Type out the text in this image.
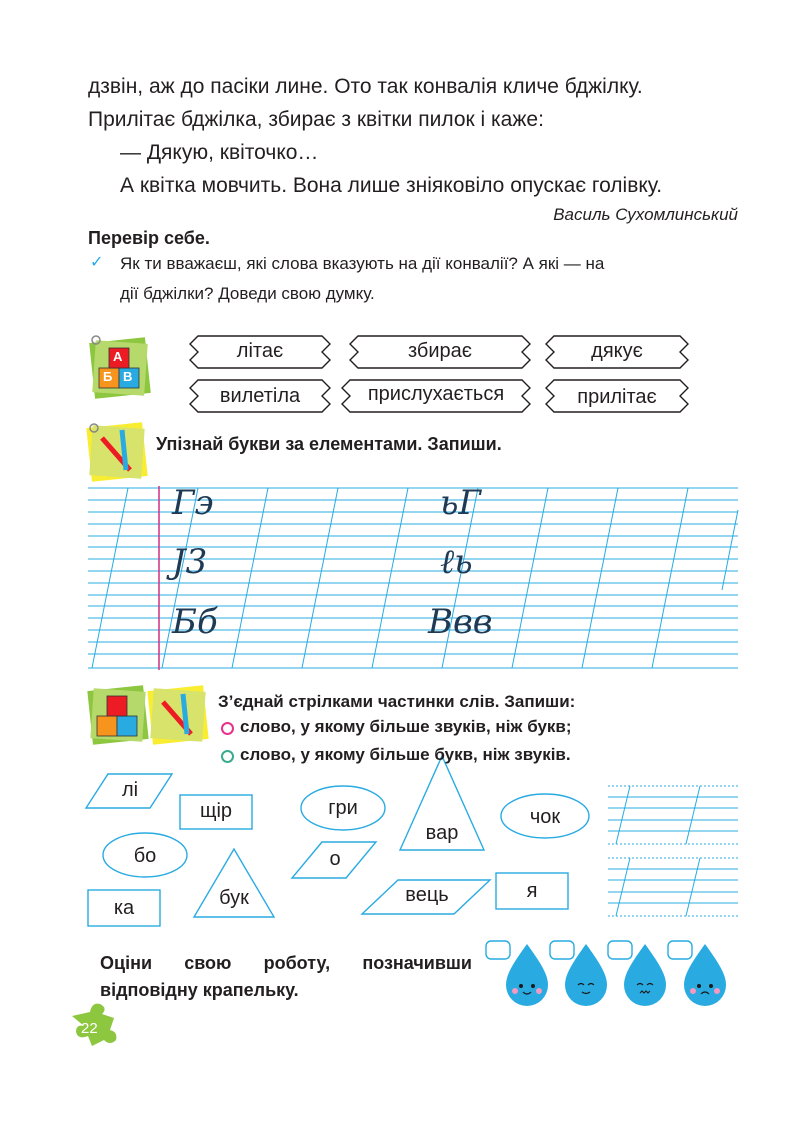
дзвін, аж до пасіки лине. Ото так конвалія кличе бджілку.
Прилітає бджілка, збирає з квітки пилок і каже:
— Дякую, квіточко…
А квітка мовчить. Вона лише зніяковіло опускає голівку.
Василь Сухомлинський
Перевір себе.
✓ Як ти вважаєш, які слова вказують на дії конвалії? А які — на
дії бджілки? Доведи свою думку.
Б В
А	літає	збирає	дякує
вилетіла	прислухається	прилітає
Упізнай букви за елементами. Запиши.
Гэ	ьГ
Ј3	ℓь
Бб	Ввв
З’єднай стрілками частинки слів. Запиши:
слово, у якому більше звуків, ніж букв;
слово, у якому більше букв, ніж звуків.
лі
щір	гри
вар
чок
бо	о
бук
ка
вець	я
Оціни свою роботу, позначивши
відповідну крапельку.
22
